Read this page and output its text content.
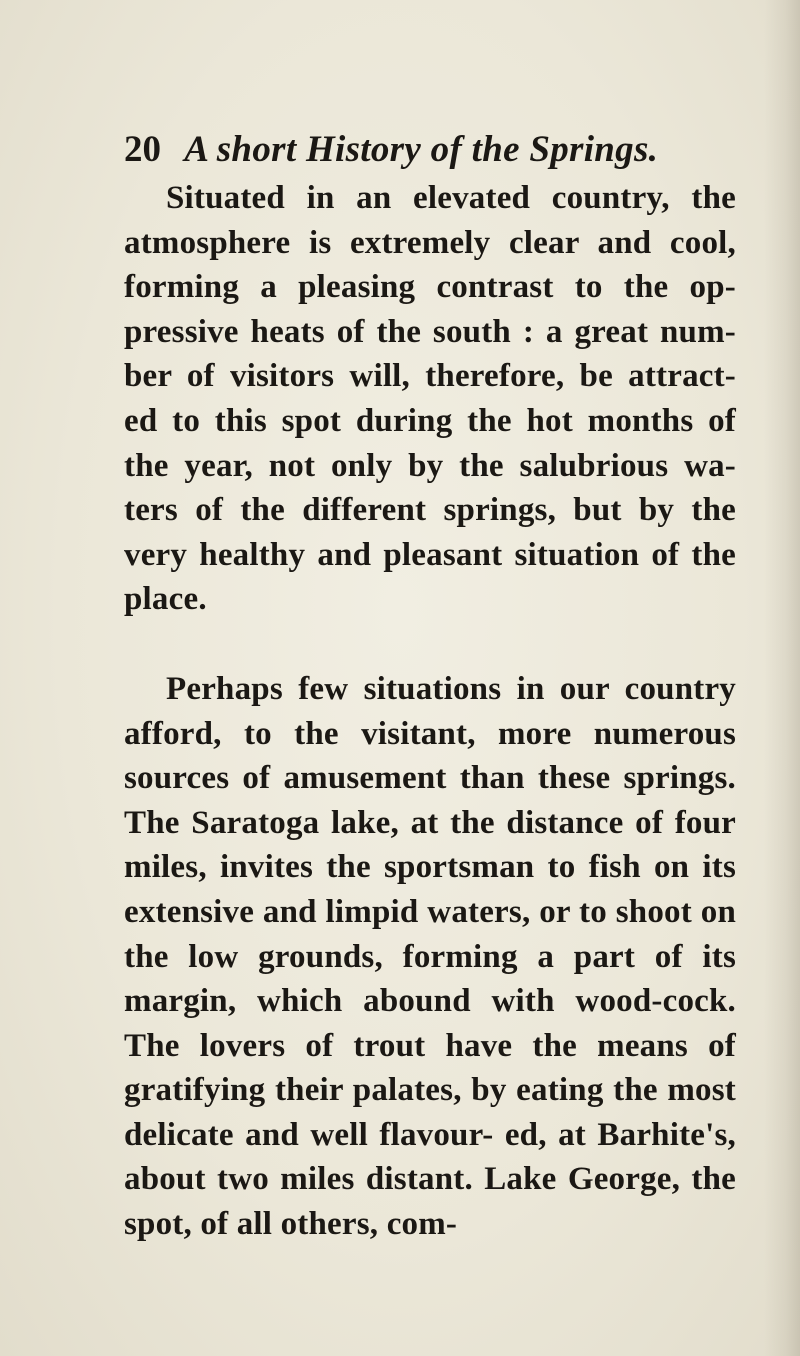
20 A short History of the Springs.

Situated in an elevated country, the atmosphere is extremely clear and cool, forming a pleasing contrast to the op- pressive heats of the south : a great num- ber of visitors will, therefore, be attract- ed to this spot during the hot months of the year, not only by the salubrious wa- ters of the different springs, but by the very healthy and pleasant situation of the place.

Perhaps few situations in our country afford, to the visitant, more numerous sources of amusement than these springs. The Saratoga lake, at the distance of four miles, invites the sportsman to fish on its extensive and limpid waters, or to shoot on the low grounds, forming a part of its margin, which abound with wood-cock. The lovers of trout have the means of gratifying their palates, by eating the most delicate and well flavour- ed, at Barhite's, about two miles distant. Lake George, the spot, of all others, com-
